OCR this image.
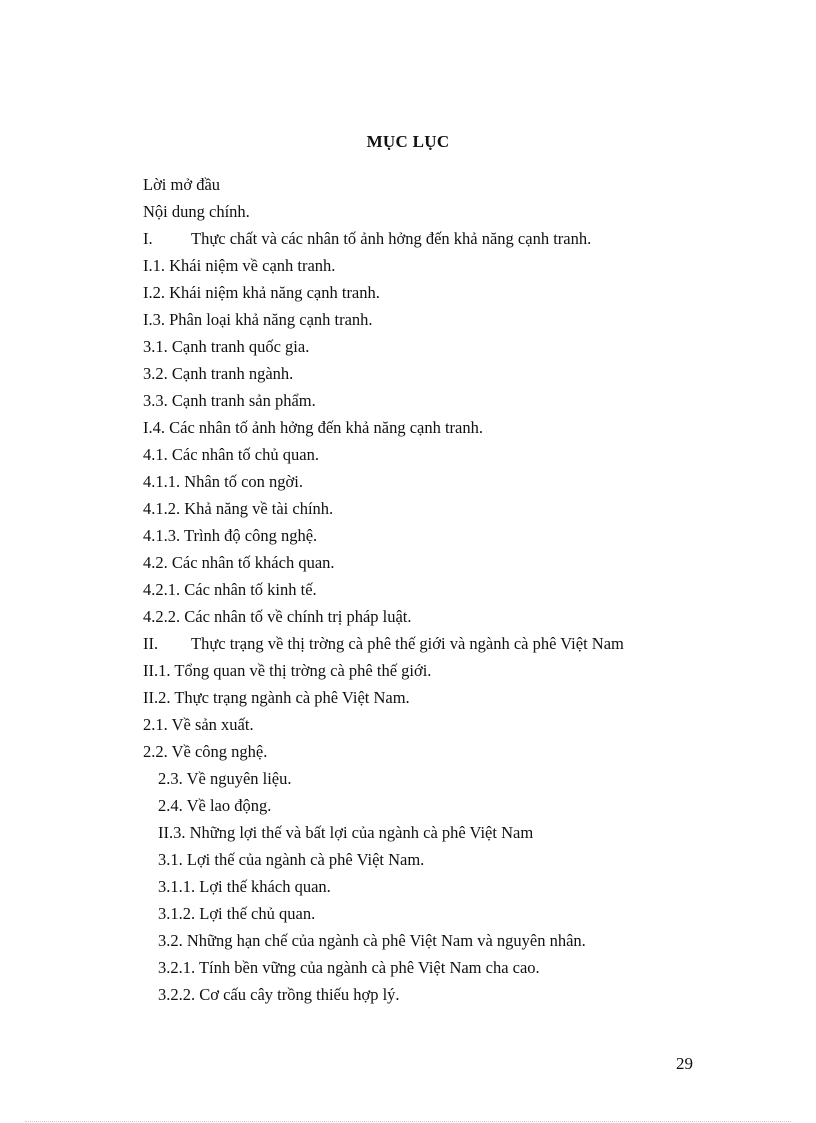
MỤC LỤC
Lời mở đầu
Nội dung chính.
I. Thực chất và các nhân tố ảnh hởng đến khả năng cạnh tranh.
I.1. Khái niệm về cạnh tranh.
I.2. Khái niệm khả năng cạnh tranh.
I.3. Phân loại khả năng cạnh tranh.
3.1. Cạnh tranh quốc gia.
3.2. Cạnh tranh ngành.
3.3. Cạnh tranh sản phẩm.
I.4. Các nhân tố ảnh hởng đến khả năng cạnh tranh.
4.1. Các nhân tố chủ quan.
4.1.1. Nhân tố con ngời.
4.1.2. Khả năng về tài chính.
4.1.3. Trình độ công nghệ.
4.2. Các nhân tố khách quan.
4.2.1. Các nhân tố kinh tế.
4.2.2. Các nhân tố về chính trị pháp luật.
II. Thực trạng về thị trờng cà phê thế giới và ngành cà phê Việt Nam
II.1. Tổng quan về thị trờng cà phê thế giới.
II.2. Thực trạng ngành cà phê Việt Nam.
2.1. Về sản xuất.
2.2. Về công nghệ.
2.3. Về nguyên liệu.
2.4. Về lao động.
II.3. Những lợi thế và bất lợi của ngành cà phê Việt Nam
3.1. Lợi thế của ngành cà phê Việt Nam.
3.1.1. Lợi thế khách quan.
3.1.2. Lợi thế chủ quan.
3.2. Những hạn chế của ngành cà phê Việt Nam và nguyên nhân.
3.2.1. Tính bền vững của ngành cà phê Việt Nam cha cao.
3.2.2. Cơ cấu cây trồng thiếu hợp lý.
29
